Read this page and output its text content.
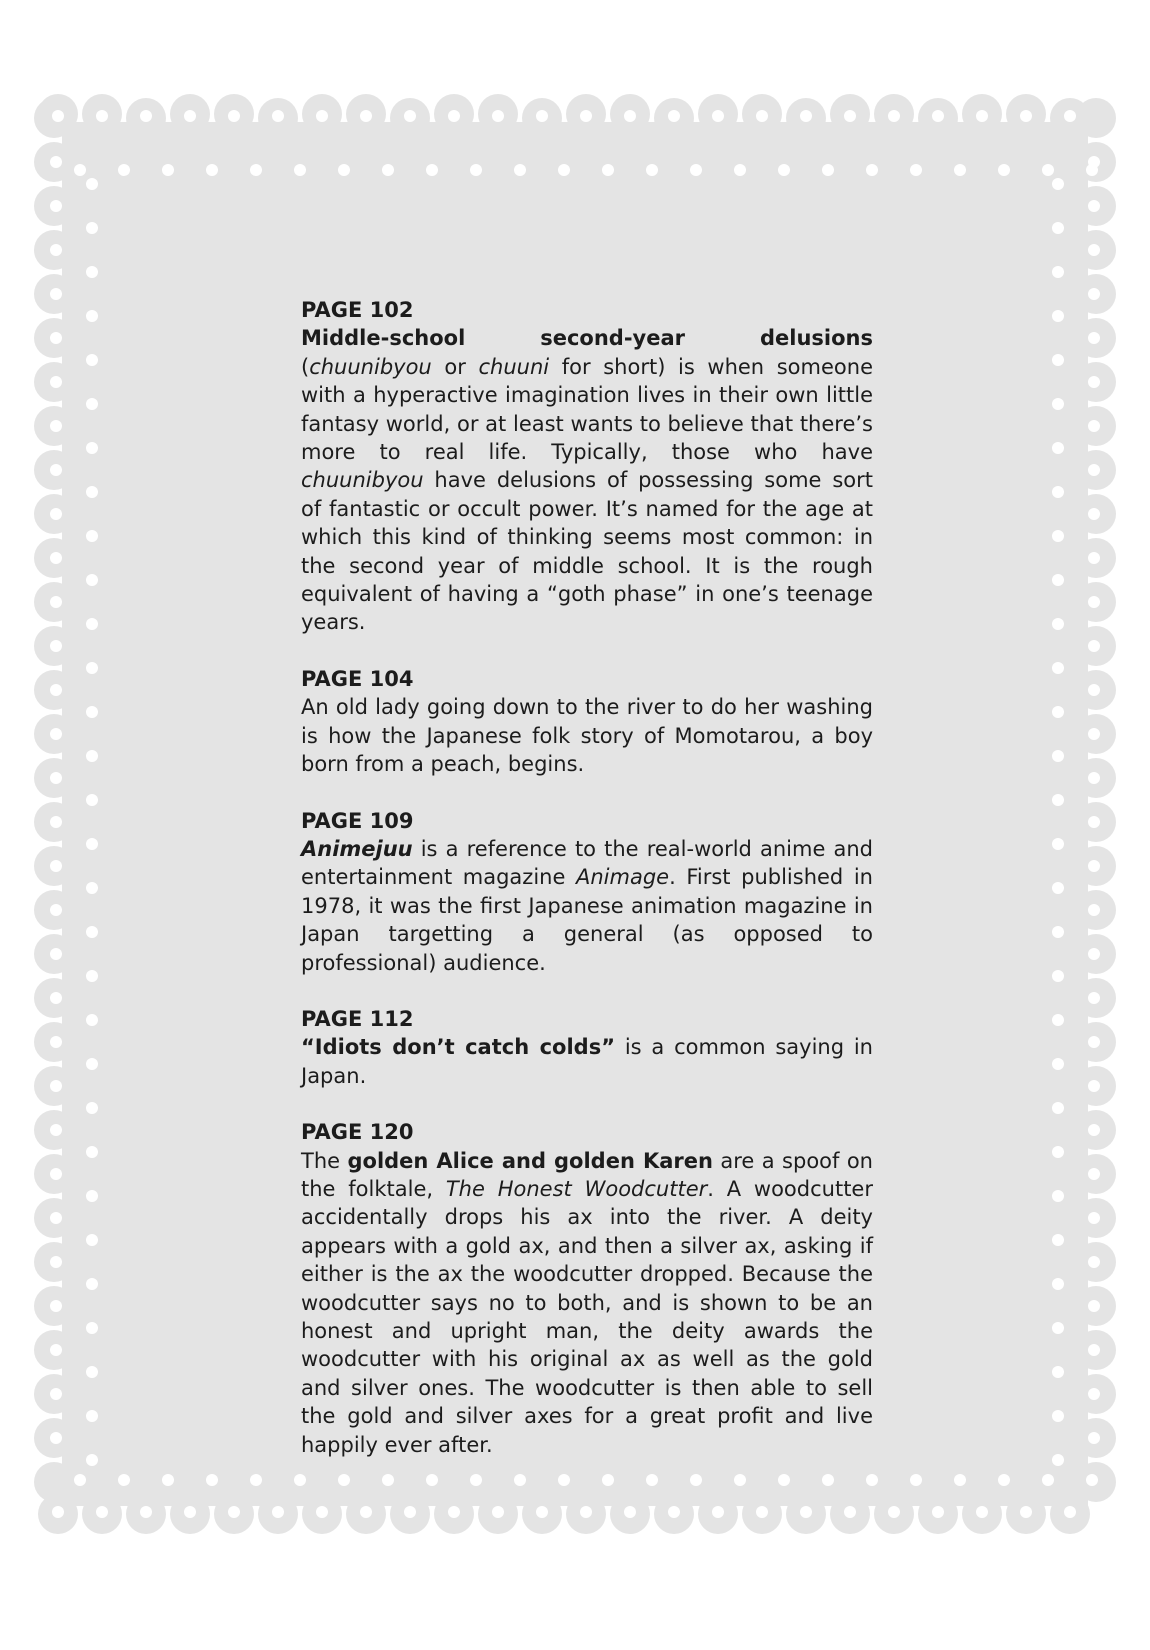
PAGE 102
Middle-school second-year delusions (chuunibyou or chuuni for short) is when someone with a hyperactive imagination lives in their own little fantasy world, or at least wants to believe that there’s more to real life. Typically, those who have chuunibyou have delusions of possessing some sort of fantastic or occult power. It’s named for the age at which this kind of thinking seems most common: in the second year of middle school. It is the rough equivalent of having a “goth phase” in one’s teenage years.
PAGE 104
An old lady going down to the river to do her washing is how the Japanese folk story of Momotarou, a boy born from a peach, begins.
PAGE 109
Animejuu is a reference to the real-world anime and entertainment magazine Animage. First published in 1978, it was the first Japanese animation magazine in Japan targetting a general (as opposed to professional) audience.
PAGE 112
“Idiots don’t catch colds” is a common saying in Japan.
PAGE 120
The golden Alice and golden Karen are a spoof on the folktale, The Honest Woodcutter. A woodcutter accidentally drops his ax into the river. A deity appears with a gold ax, and then a silver ax, asking if either is the ax the woodcutter dropped. Because the woodcutter says no to both, and is shown to be an honest and upright man, the deity awards the woodcutter with his original ax as well as the gold and silver ones. The woodcutter is then able to sell the gold and silver axes for a great profit and live happily ever after.
